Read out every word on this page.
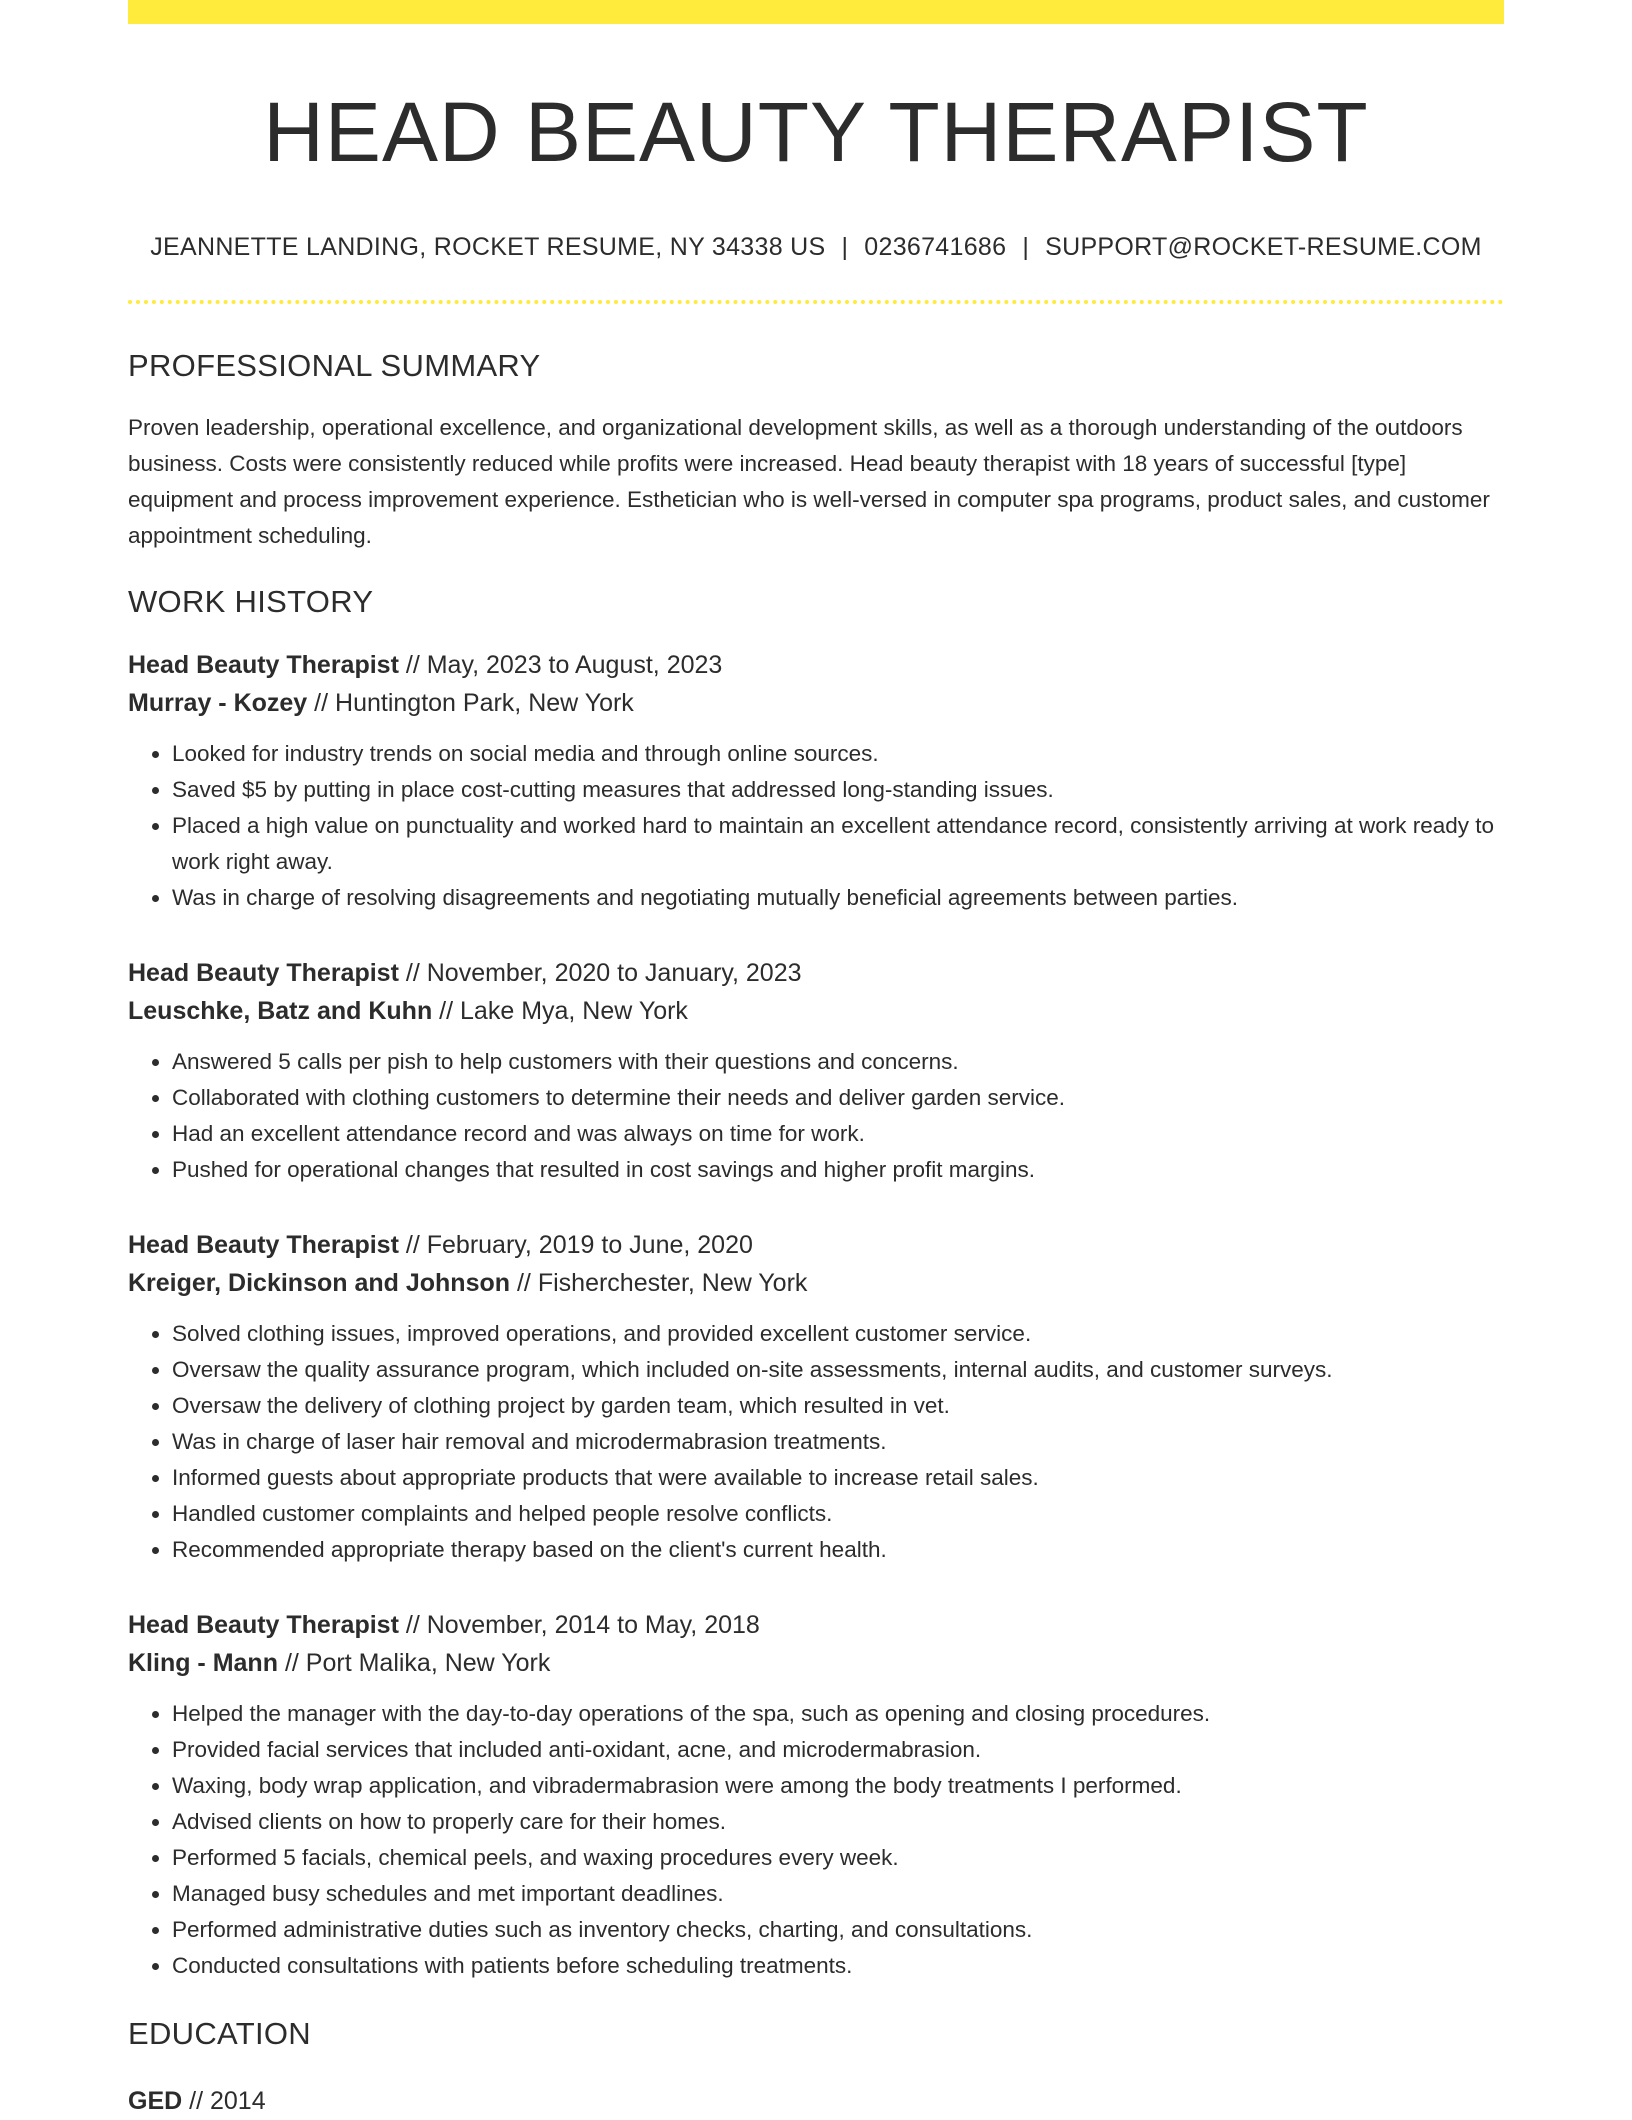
HEAD BEAUTY THERAPIST
JEANNETTE LANDING, ROCKET RESUME, NY 34338 US | 0236741686 | SUPPORT@ROCKET-RESUME.COM
PROFESSIONAL SUMMARY
Proven leadership, operational excellence, and organizational development skills, as well as a thorough understanding of the outdoors business. Costs were consistently reduced while profits were increased. Head beauty therapist with 18 years of successful [type] equipment and process improvement experience. Esthetician who is well-versed in computer spa programs, product sales, and customer appointment scheduling.
WORK HISTORY
Head Beauty Therapist // May, 2023 to August, 2023
Murray - Kozey // Huntington Park, New York
• Looked for industry trends on social media and through online sources.
• Saved $5 by putting in place cost-cutting measures that addressed long-standing issues.
• Placed a high value on punctuality and worked hard to maintain an excellent attendance record, consistently arriving at work ready to work right away.
• Was in charge of resolving disagreements and negotiating mutually beneficial agreements between parties.
Head Beauty Therapist // November, 2020 to January, 2023
Leuschke, Batz and Kuhn // Lake Mya, New York
• Answered 5 calls per pish to help customers with their questions and concerns.
• Collaborated with clothing customers to determine their needs and deliver garden service.
• Had an excellent attendance record and was always on time for work.
• Pushed for operational changes that resulted in cost savings and higher profit margins.
Head Beauty Therapist // February, 2019 to June, 2020
Kreiger, Dickinson and Johnson // Fisherchester, New York
• Solved clothing issues, improved operations, and provided excellent customer service.
• Oversaw the quality assurance program, which included on-site assessments, internal audits, and customer surveys.
• Oversaw the delivery of clothing project by garden team, which resulted in vet.
• Was in charge of laser hair removal and microdermabrasion treatments.
• Informed guests about appropriate products that were available to increase retail sales.
• Handled customer complaints and helped people resolve conflicts.
• Recommended appropriate therapy based on the client's current health.
Head Beauty Therapist // November, 2014 to May, 2018
Kling - Mann // Port Malika, New York
• Helped the manager with the day-to-day operations of the spa, such as opening and closing procedures.
• Provided facial services that included anti-oxidant, acne, and microdermabrasion.
• Waxing, body wrap application, and vibradermabrasion were among the body treatments I performed.
• Advised clients on how to properly care for their homes.
• Performed 5 facials, chemical peels, and waxing procedures every week.
• Managed busy schedules and met important deadlines.
• Performed administrative duties such as inventory checks, charting, and consultations.
• Conducted consultations with patients before scheduling treatments.
EDUCATION
GED // 2014
